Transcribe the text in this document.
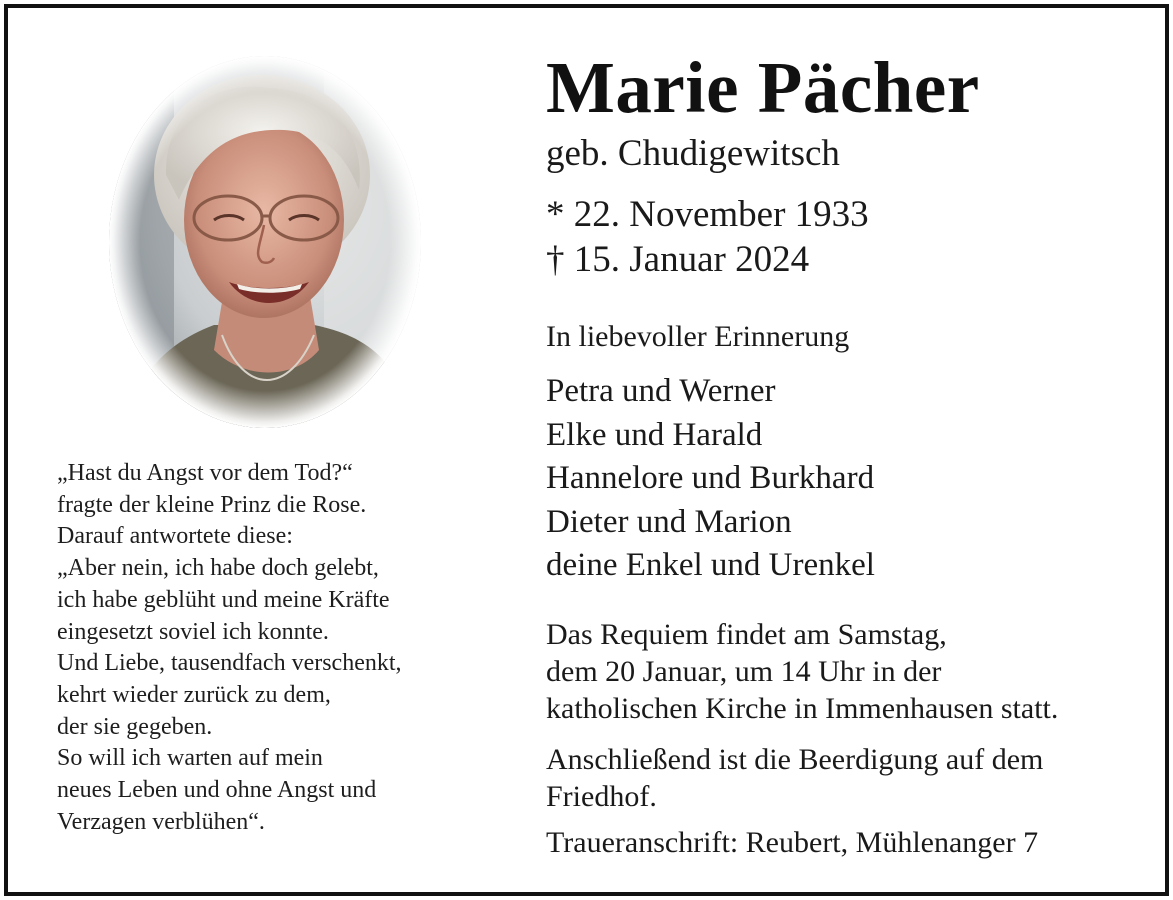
„Hast du Angst vor dem Tod?“
fragte der kleine Prinz die Rose.
Darauf antwortete diese:
„Aber nein, ich habe doch gelebt,
ich habe geblüht und meine Kräfte
eingesetzt soviel ich konnte.
Und Liebe, tausendfach verschenkt,
kehrt wieder zurück zu dem,
der sie gegeben.
So will ich warten auf mein
neues Leben und ohne Angst und
Verzagen verblühen“.
Marie Pächer
geb. Chudigewitsch
* 22. November 1933
† 15. Januar 2024
In liebevoller Erinnerung
Petra und Werner
Elke und Harald
Hannelore und Burkhard
Dieter und Marion
deine Enkel und Urenkel
Das Requiem findet am Samstag,
dem 20 Januar, um 14 Uhr in der
katholischen Kirche in Immenhausen statt.
Anschließend ist die Beerdigung auf dem
Friedhof.
Traueranschrift: Reubert, Mühlenanger 7
